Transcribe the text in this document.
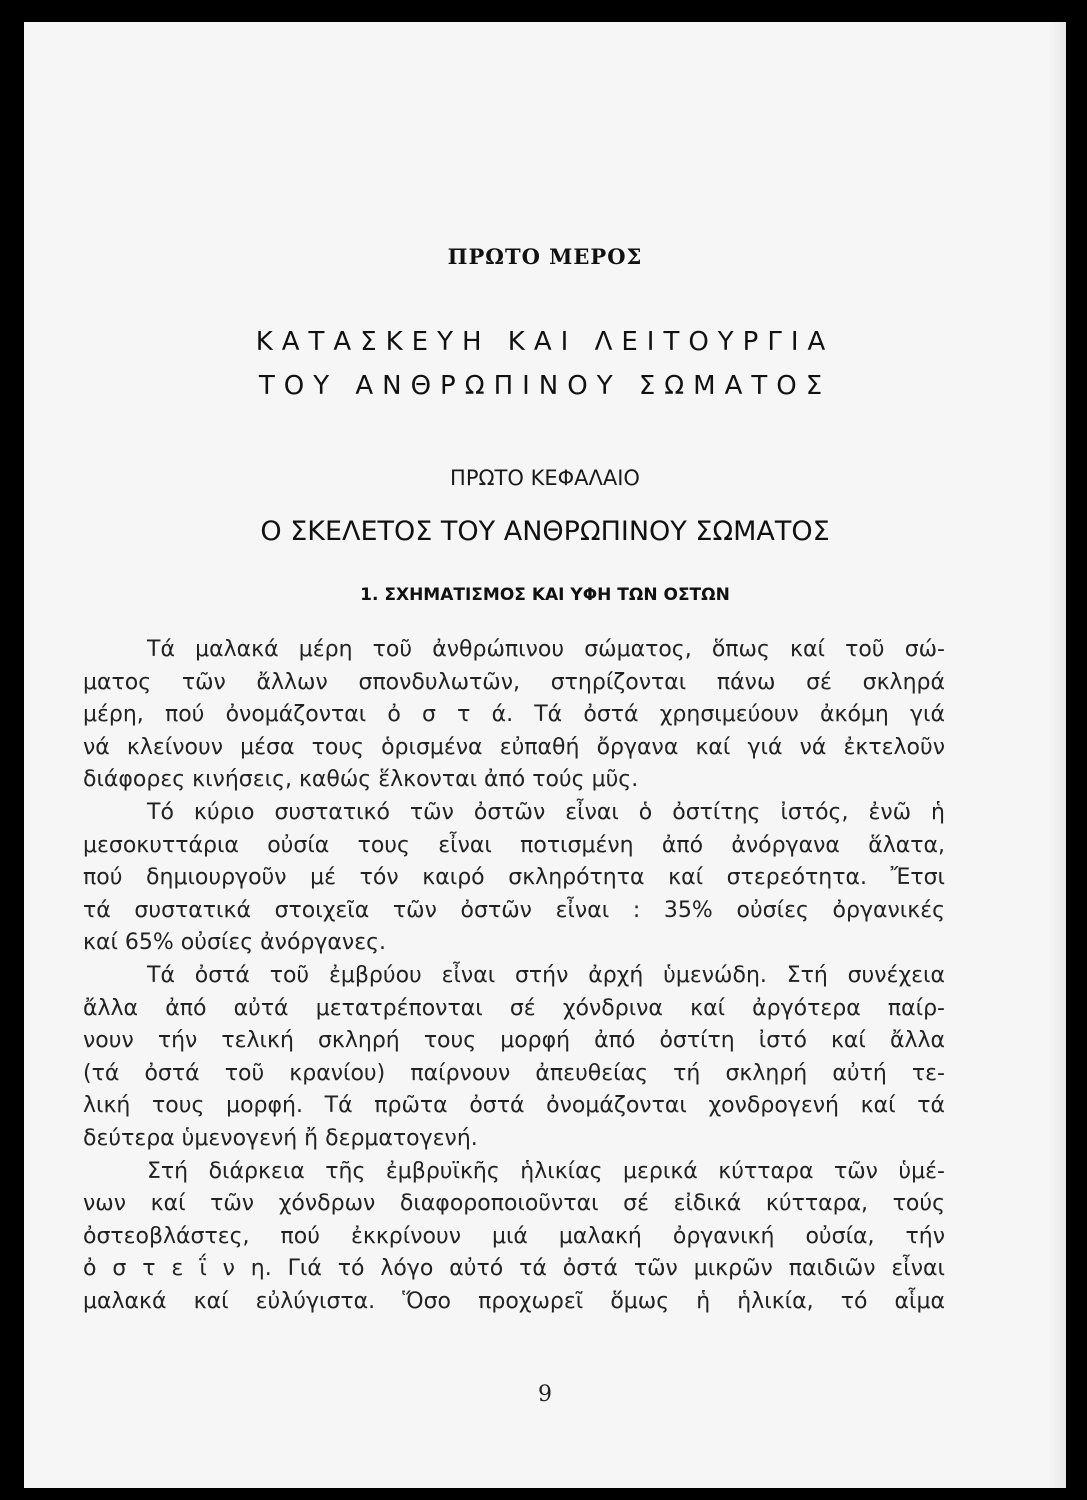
ΠΡΩΤΟ ΜΕΡΟΣ
ΚΑΤΑΣΚΕΥΗ ΚΑΙ ΛΕΙΤΟΥΡΓΙΑ
ΤΟΥ ΑΝΘΡΩΠΙΝΟΥ ΣΩΜΑΤΟΣ
ΠΡΩΤΟ ΚΕΦΑΛΑΙΟ
Ο ΣΚΕΛΕΤΟΣ ΤΟΥ ΑΝΘΡΩΠΙΝΟΥ ΣΩΜΑΤΟΣ
1. ΣΧΗΜΑΤΙΣΜΟΣ ΚΑΙ ΥΦΗ ΤΩΝ ΟΣΤΩΝ
Τά μαλακά μέρη τοῦ ἀνθρώπινου σώματος, ὅπως καί τοῦ σώ-
ματος τῶν ἄλλων σπονδυλωτῶν, στηρίζονται πάνω σέ σκληρά
μέρη, πού ὀνομάζονται ὀ σ τ ά. Τά ὀστά χρησιμεύουν ἀκόμη γιά
νά κλείνουν μέσα τους ὁρισμένα εὐπαθή ὄργανα καί γιά νά ἐκτελοῦν
διάφορες κινήσεις, καθώς ἕλκονται ἀπό τούς μῦς.
Τό κύριο συστατικό τῶν ὀστῶν εἶναι ὁ ὀστίτης ἰστός, ἐνῶ ἡ
μεσοκυττάρια οὐσία τους εἶναι ποτισμένη ἀπό ἀνόργανα ἅλατα,
πού δημιουργοῦν μέ τόν καιρό σκληρότητα καί στερεότητα. Ἔτσι
τά συστατικά στοιχεῖα τῶν ὀστῶν εἶναι : 35% οὐσίες ὀργανικές
καί 65% οὐσίες ἀνόργανες.
Τά ὀστά τοῦ ἐμβρύου εἶναι στήν ἀρχή ὑμενώδη. Στή συνέχεια
ἄλλα ἀπό αὐτά μετατρέπονται σέ χόνδρινα καί ἀργότερα παίρ-
νουν τήν τελική σκληρή τους μορφή ἀπό ὀστίτη ἰστό καί ἄλλα
(τά ὀστά τοῦ κρανίου) παίρνουν ἀπευθείας τή σκληρή αὐτή τε-
λική τους μορφή. Τά πρῶτα ὀστά ὀνομάζονται χονδρογενή καί τά
δεύτερα ὑμενογενή ἤ δερματογενή.
Στή διάρκεια τῆς ἐμβρυϊκῆς ἡλικίας μερικά κύτταρα τῶν ὑμέ-
νων καί τῶν χόνδρων διαφοροποιοῦνται σέ εἰδικά κύτταρα, τούς
ὀστεοβλάστες, πού ἐκκρίνουν μιά μαλακή ὀργανική οὐσία, τήν
ὀ σ τ ε ΐ ν η. Γιά τό λόγο αὐτό τά ὀστά τῶν μικρῶν παιδιῶν εἶναι
μαλακά καί εὐλύγιστα. Ὅσο προχωρεῖ ὅμως ἡ ἡλικία, τό αἷμα
9
